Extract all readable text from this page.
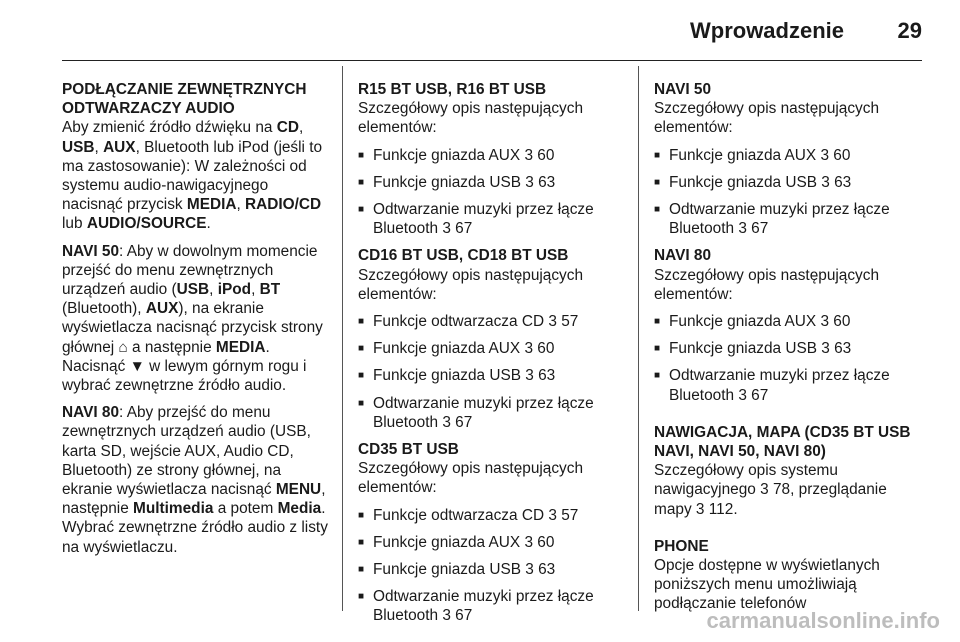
Wprowadzenie 29
PODŁĄCZANIE ZEWNĘTRZNYCH ODTWARZACZY AUDIO

Aby zmienić źródło dźwięku na CD, USB, AUX, Bluetooth lub iPod (jeśli to ma zastosowanie): W zależności od systemu audio-nawigacyjnego nacisnąć przycisk MEDIA, RADIO/CD lub AUDIO/SOURCE.

NAVI 50: Aby w dowolnym momencie przejść do menu zewnętrznych urządzeń audio (USB, iPod, BT (Bluetooth), AUX), na ekranie wyświetlacza nacisnąć przycisk strony głównej ⌂ a następnie MEDIA. Nacisnąć ▼ w lewym górnym rogu i wybrać zewnętrzne źródło audio.

NAVI 80: Aby przejść do menu zewnętrznych urządzeń audio (USB, karta SD, wejście AUX, Audio CD, Bluetooth) ze strony głównej, na ekranie wyświetlacza nacisnąć MENU, następnie Multimedia a potem Media. Wybrać zewnętrzne źródło audio z listy na wyświetlaczu.

R15 BT USB, R16 BT USB

Szczegółowy opis następujących elementów:

■ Funkcje gniazda AUX 3 60
■ Funkcje gniazda USB 3 63
■ Odtwarzanie muzyki przez łącze Bluetooth 3 67
CD16 BT USB, CD18 BT USB

Szczegółowy opis następujących elementów:

■ Funkcje odtwarzacza CD 3 57
■ Funkcje gniazda AUX 3 60
■ Funkcje gniazda USB 3 63
■ Odtwarzanie muzyki przez łącze Bluetooth 3 67
CD35 BT USB

Szczegółowy opis następujących elementów:

■ Funkcje odtwarzacza CD 3 57
■ Funkcje gniazda AUX 3 60
■ Funkcje gniazda USB 3 63
■ Odtwarzanie muzyki przez łącze Bluetooth 3 67
NAVI 50

Szczegółowy opis następujących elementów:

■ Funkcje gniazda AUX 3 60
■ Funkcje gniazda USB 3 63
■ Odtwarzanie muzyki przez łącze Bluetooth 3 67
NAVI 80

Szczegółowy opis następujących elementów:

■ Funkcje gniazda AUX 3 60
■ Funkcje gniazda USB 3 63
■ Odtwarzanie muzyki przez łącze Bluetooth 3 67
NAWIGACJA, MAPA (CD35 BT USB NAVI, NAVI 50, NAVI 80)

Szczegółowy opis systemu nawigacyjnego 3 78, przeglądanie mapy 3 112.

PHONE

Opcje dostępne w wyświetlanych poniższych menu umożliwiają podłączanie telefonów

carmanualsonline.info
